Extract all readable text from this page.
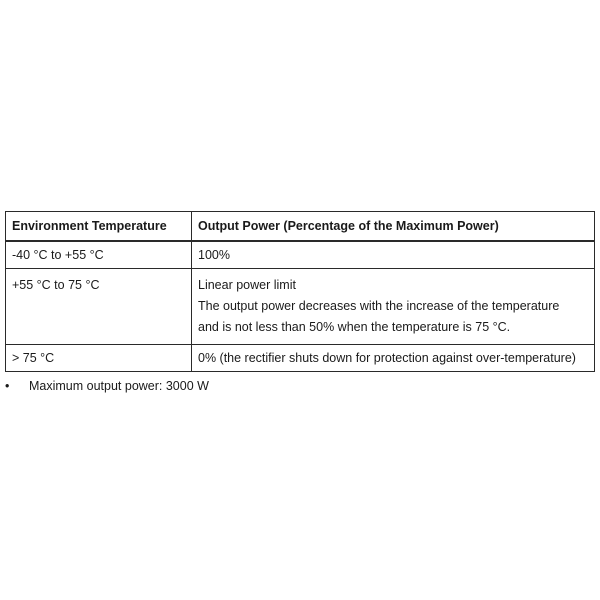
Environment Temperature	Output Power (Percentage of the Maximum Power)
-40 °C to +55 °C	100%

+55 °C to 75 °C	Linear power limit
The output power decreases with the increase of the temperature
and is not less than 50% when the temperature is 75 °C.

> 75 °C	0% (the rectifier shuts down for protection against over-temperature)
•	Maximum output power: 3000 W
